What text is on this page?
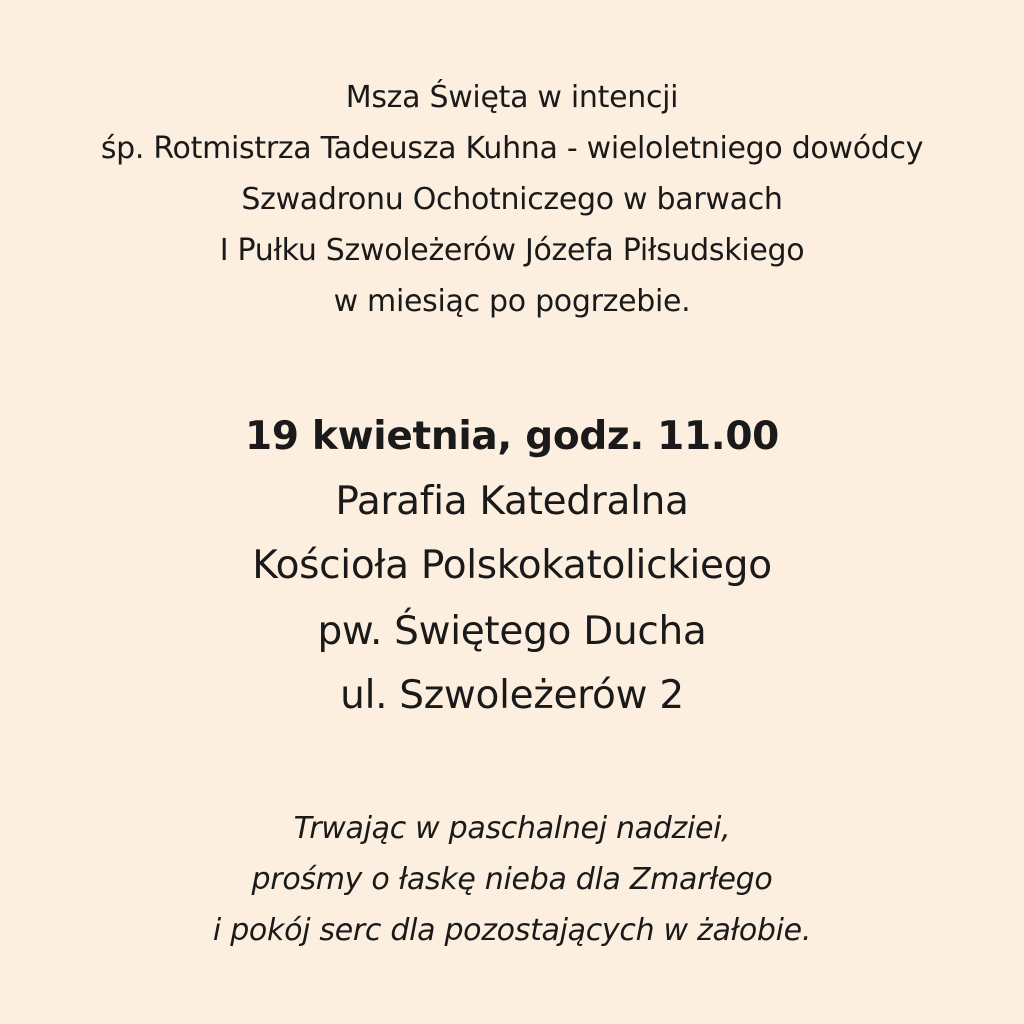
Msza Świętа w intencji
śp. Rotmistrza Tadeusza Kuhna - wieloletniego dowódcy
Szwadronu Ochotniczego w barwach
I Pułku Szwoleżerów Józefa Piłsudskiego
w miesiąc po pogrzebie.
19 kwietnia, godz. 11.00
Parafia Katedralna
Kościoła Polskokatolickiego
pw. Świętego Ducha
ul. Szwoleżerów 2
Trwając w paschalnej nadziei,
prośmy o łaskę nieba dla Zmarłego
i pokój serc dla pozostających w żałobie.
